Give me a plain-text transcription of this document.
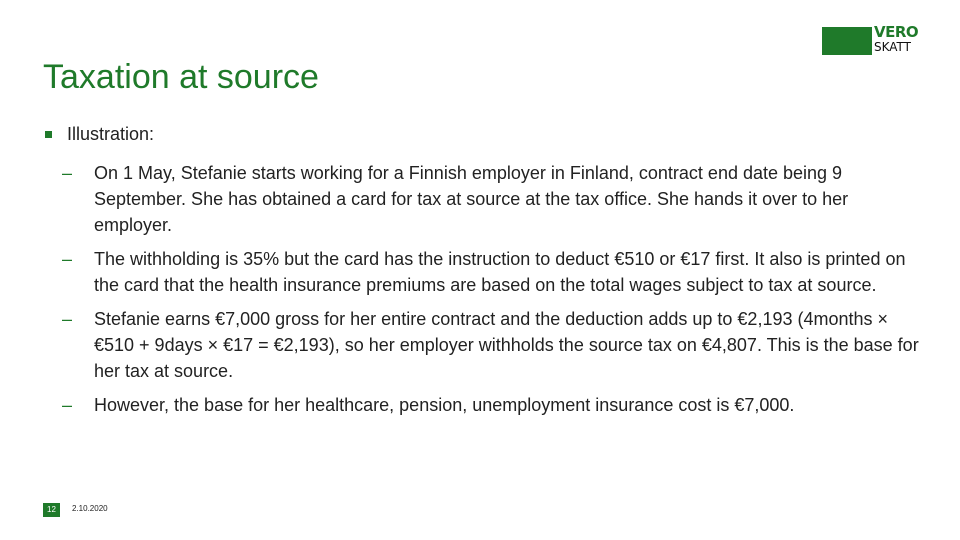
VERO
SKATT
Taxation at source
Illustration:
–	On 1 May, Stefanie starts working for a Finnish employer in Finland, contract end date being 9 September. She has obtained a card for tax at source at the tax office. She hands it over to her employer.
–	The withholding is 35% but the card has the instruction to deduct €510 or €17 first. It also is printed on the card that the health insurance premiums are based on the total wages subject to tax at source.
–	Stefanie earns €7,000 gross for her entire contract and the deduction adds up to €2,193 (4months × €510 + 9days × €17 = €2,193), so her employer withholds the source tax on €4,807. This is the base for her tax at source.
–	However, the base for her healthcare, pension, unemployment insurance cost is €7,000.
12	2.10.2020
